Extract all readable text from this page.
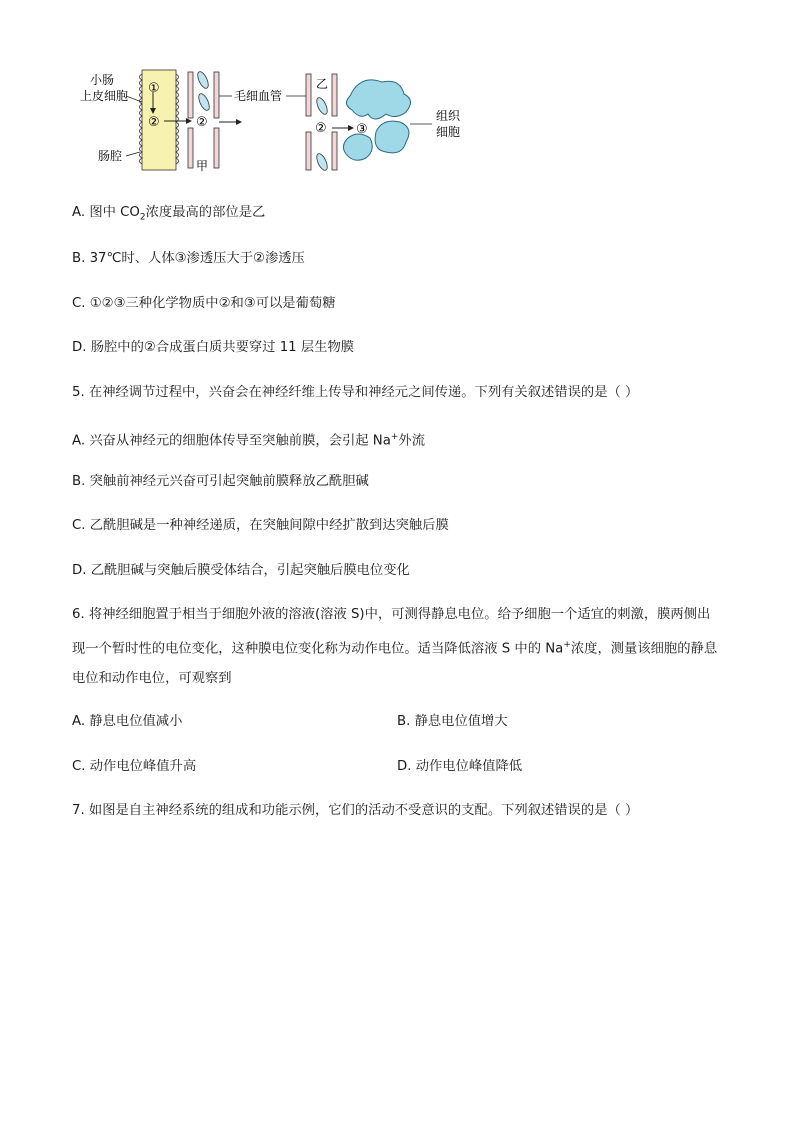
①
②	②
甲
乙
② ③
组织
细胞
小肠
上皮细胞
肠腔
毛细血管
A. 图中 $CO_2$浓度最高的部位是乙
B. 37℃时、人体③渗透压大于②渗透压
C. ①②③三种化学物质中②和③可以是葡萄糖
D. 肠腔中的②合成蛋白质共要穿过 11 层生物膜
5. 在神经调节过程中，兴奋会在神经纤维上传导和神经元之间传递。下列有关叙述错误的是（ ）
A. 兴奋从神经元的细胞体传导至突触前膜，会引起 Na+外流
B. 突触前神经元兴奋可引起突触前膜释放乙酰胆碱
C. 乙酰胆碱是一种神经递质，在突触间隙中经扩散到达突触后膜
D. 乙酰胆碱与突触后膜受体结合，引起突触后膜电位变化
6. 将神经细胞置于相当于细胞外液的溶液(溶液 S)中，可测得静息电位。给予细胞一个适宜的刺激，膜两侧出现一个暂时性的电位变化，这种膜电位变化称为动作电位。适当降低溶液 S 中的 Na+浓度，测量该细胞的静息电位和动作电位，可观察到
A. 静息电位值减小	B. 静息电位值增大
C. 动作电位峰值升高	D. 动作电位峰值降低
7. 如图是自主神经系统的组成和功能示例，它们的活动不受意识的支配。下列叙述错误的是（ ）
